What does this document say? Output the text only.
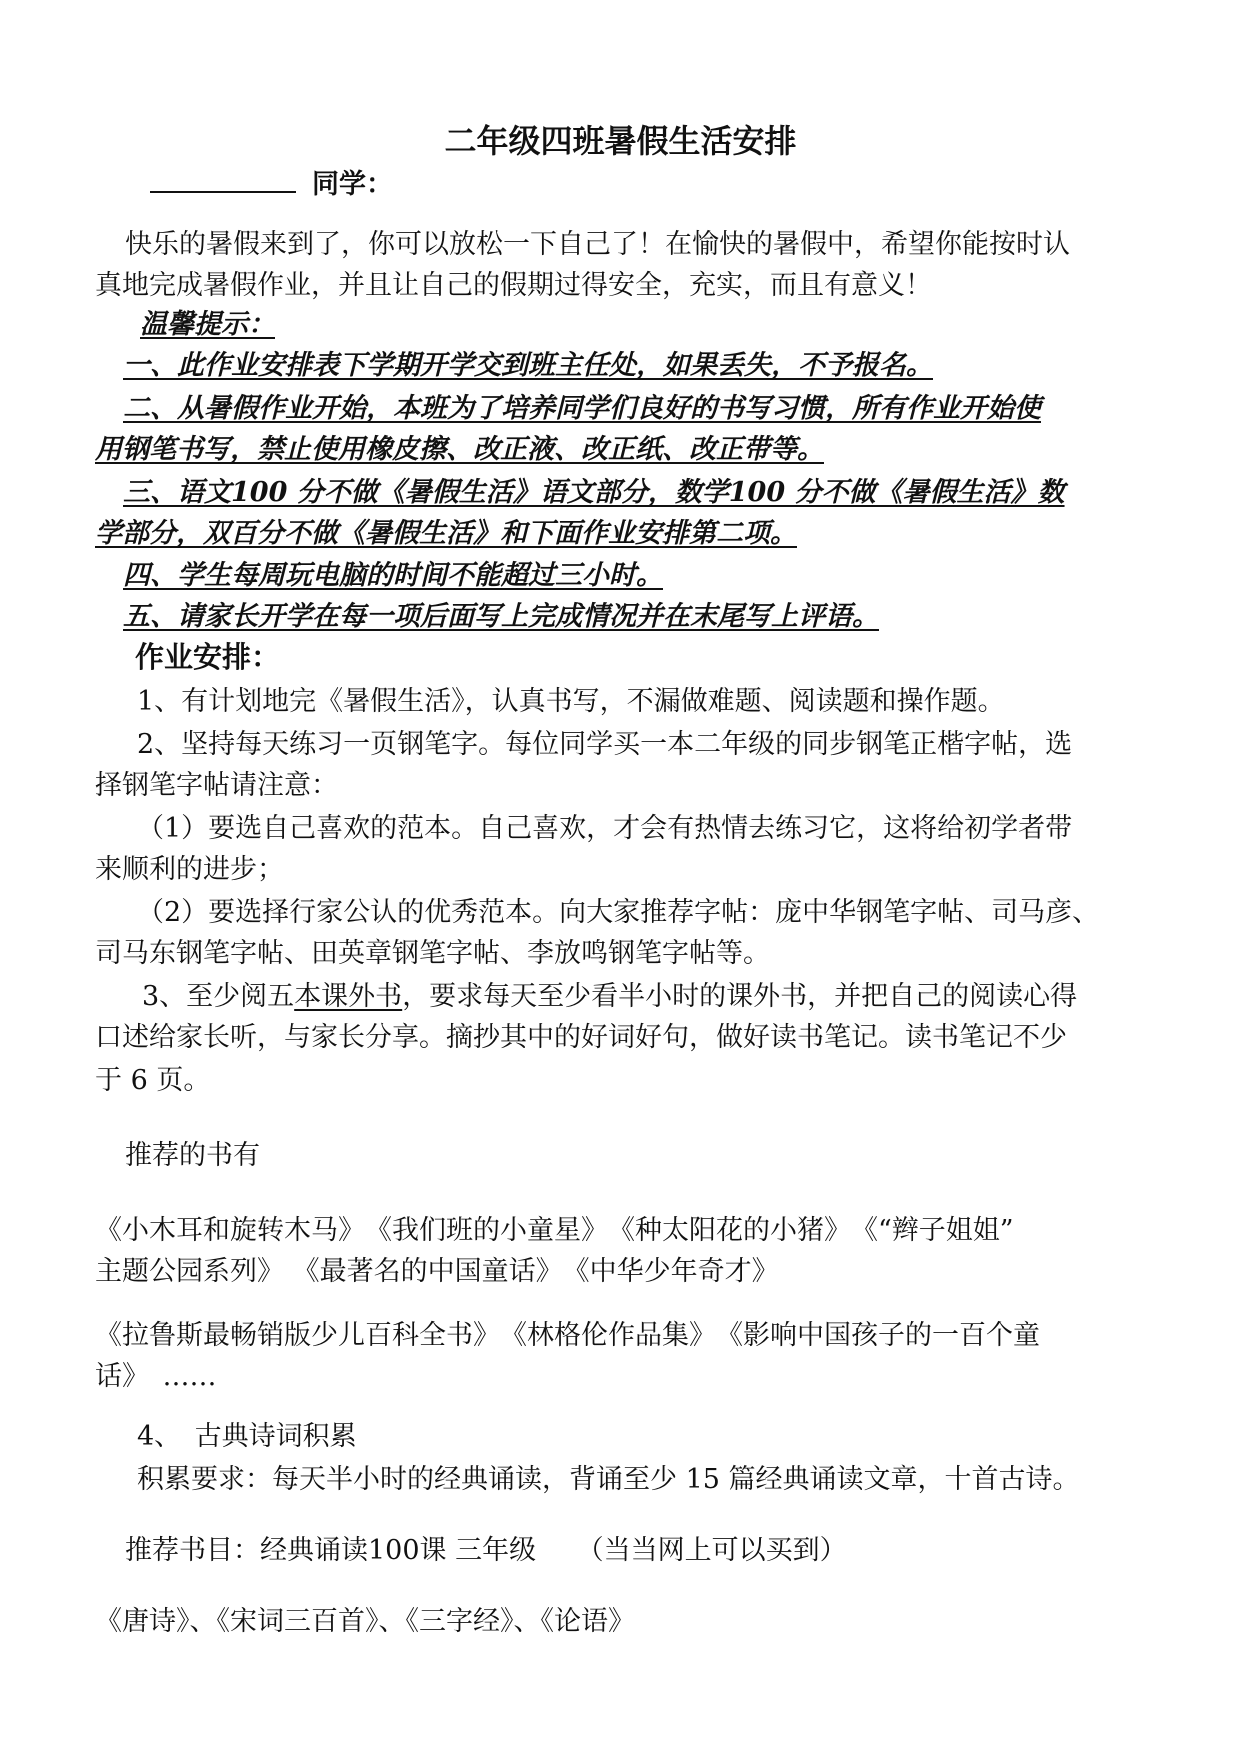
二年级四班暑假生活安排
同学：
快乐的暑假来到了，你可以放松一下自己了！在愉快的暑假中，希望你能按时认
真地完成暑假作业，并且让自己的假期过得安全，充实，而且有意义！
温馨提示：
一、此作业安排表下学期开学交到班主任处，如果丢失，不予报名。
二、从暑假作业开始，本班为了培养同学们良好的书写习惯，所有作业开始使
用钢笔书写，禁止使用橡皮擦、改正液、改正纸、改正带等。
三、语文100 分不做《暑假生活》语文部分，数学100 分不做《暑假生活》数
学部分，双百分不做《暑假生活》和下面作业安排第二项。
四、学生每周玩电脑的时间不能超过三小时。
五、请家长开学在每一项后面写上完成情况并在末尾写上评语。
作业安排：
1、有计划地完《暑假生活》，认真书写，不漏做难题、阅读题和操作题。
2、坚持每天练习一页钢笔字。每位同学买一本二年级的同步钢笔正楷字帖，选
择钢笔字帖请注意：
（1）要选自己喜欢的范本。自己喜欢，才会有热情去练习它，这将给初学者带
来顺利的进步；
（2）要选择行家公认的优秀范本。向大家推荐字帖：庞中华钢笔字帖、司马彦、
司马东钢笔字帖、田英章钢笔字帖、李放鸣钢笔字帖等。
3、至少阅五本课外书，要求每天至少看半小时的课外书，并把自己的阅读心得
口述给家长听，与家长分享。摘抄其中的好词好句，做好读书笔记。读书笔记不少
于 6 页。
推荐的书有
《小木耳和旋转木马》　《我们班的小童星》　《种太阳花的小猪》　《“辫子姐姐”
主题公园系列》 《最著名的中国童话》　《中华少年奇才》
《拉鲁斯最畅销版少儿百科全书》　《林格伦作品集》　《影响中国孩子的一百个童
话》　……
4、　古典诗词积累
积累要求：每天半小时的经典诵读，背诵至少 15 篇经典诵读文章，十首古诗。
推荐书目：经典诵读100课 三年级　　（当当网上可以买到）
《唐诗》、《宋词三百首》、《三字经》、《论语》
